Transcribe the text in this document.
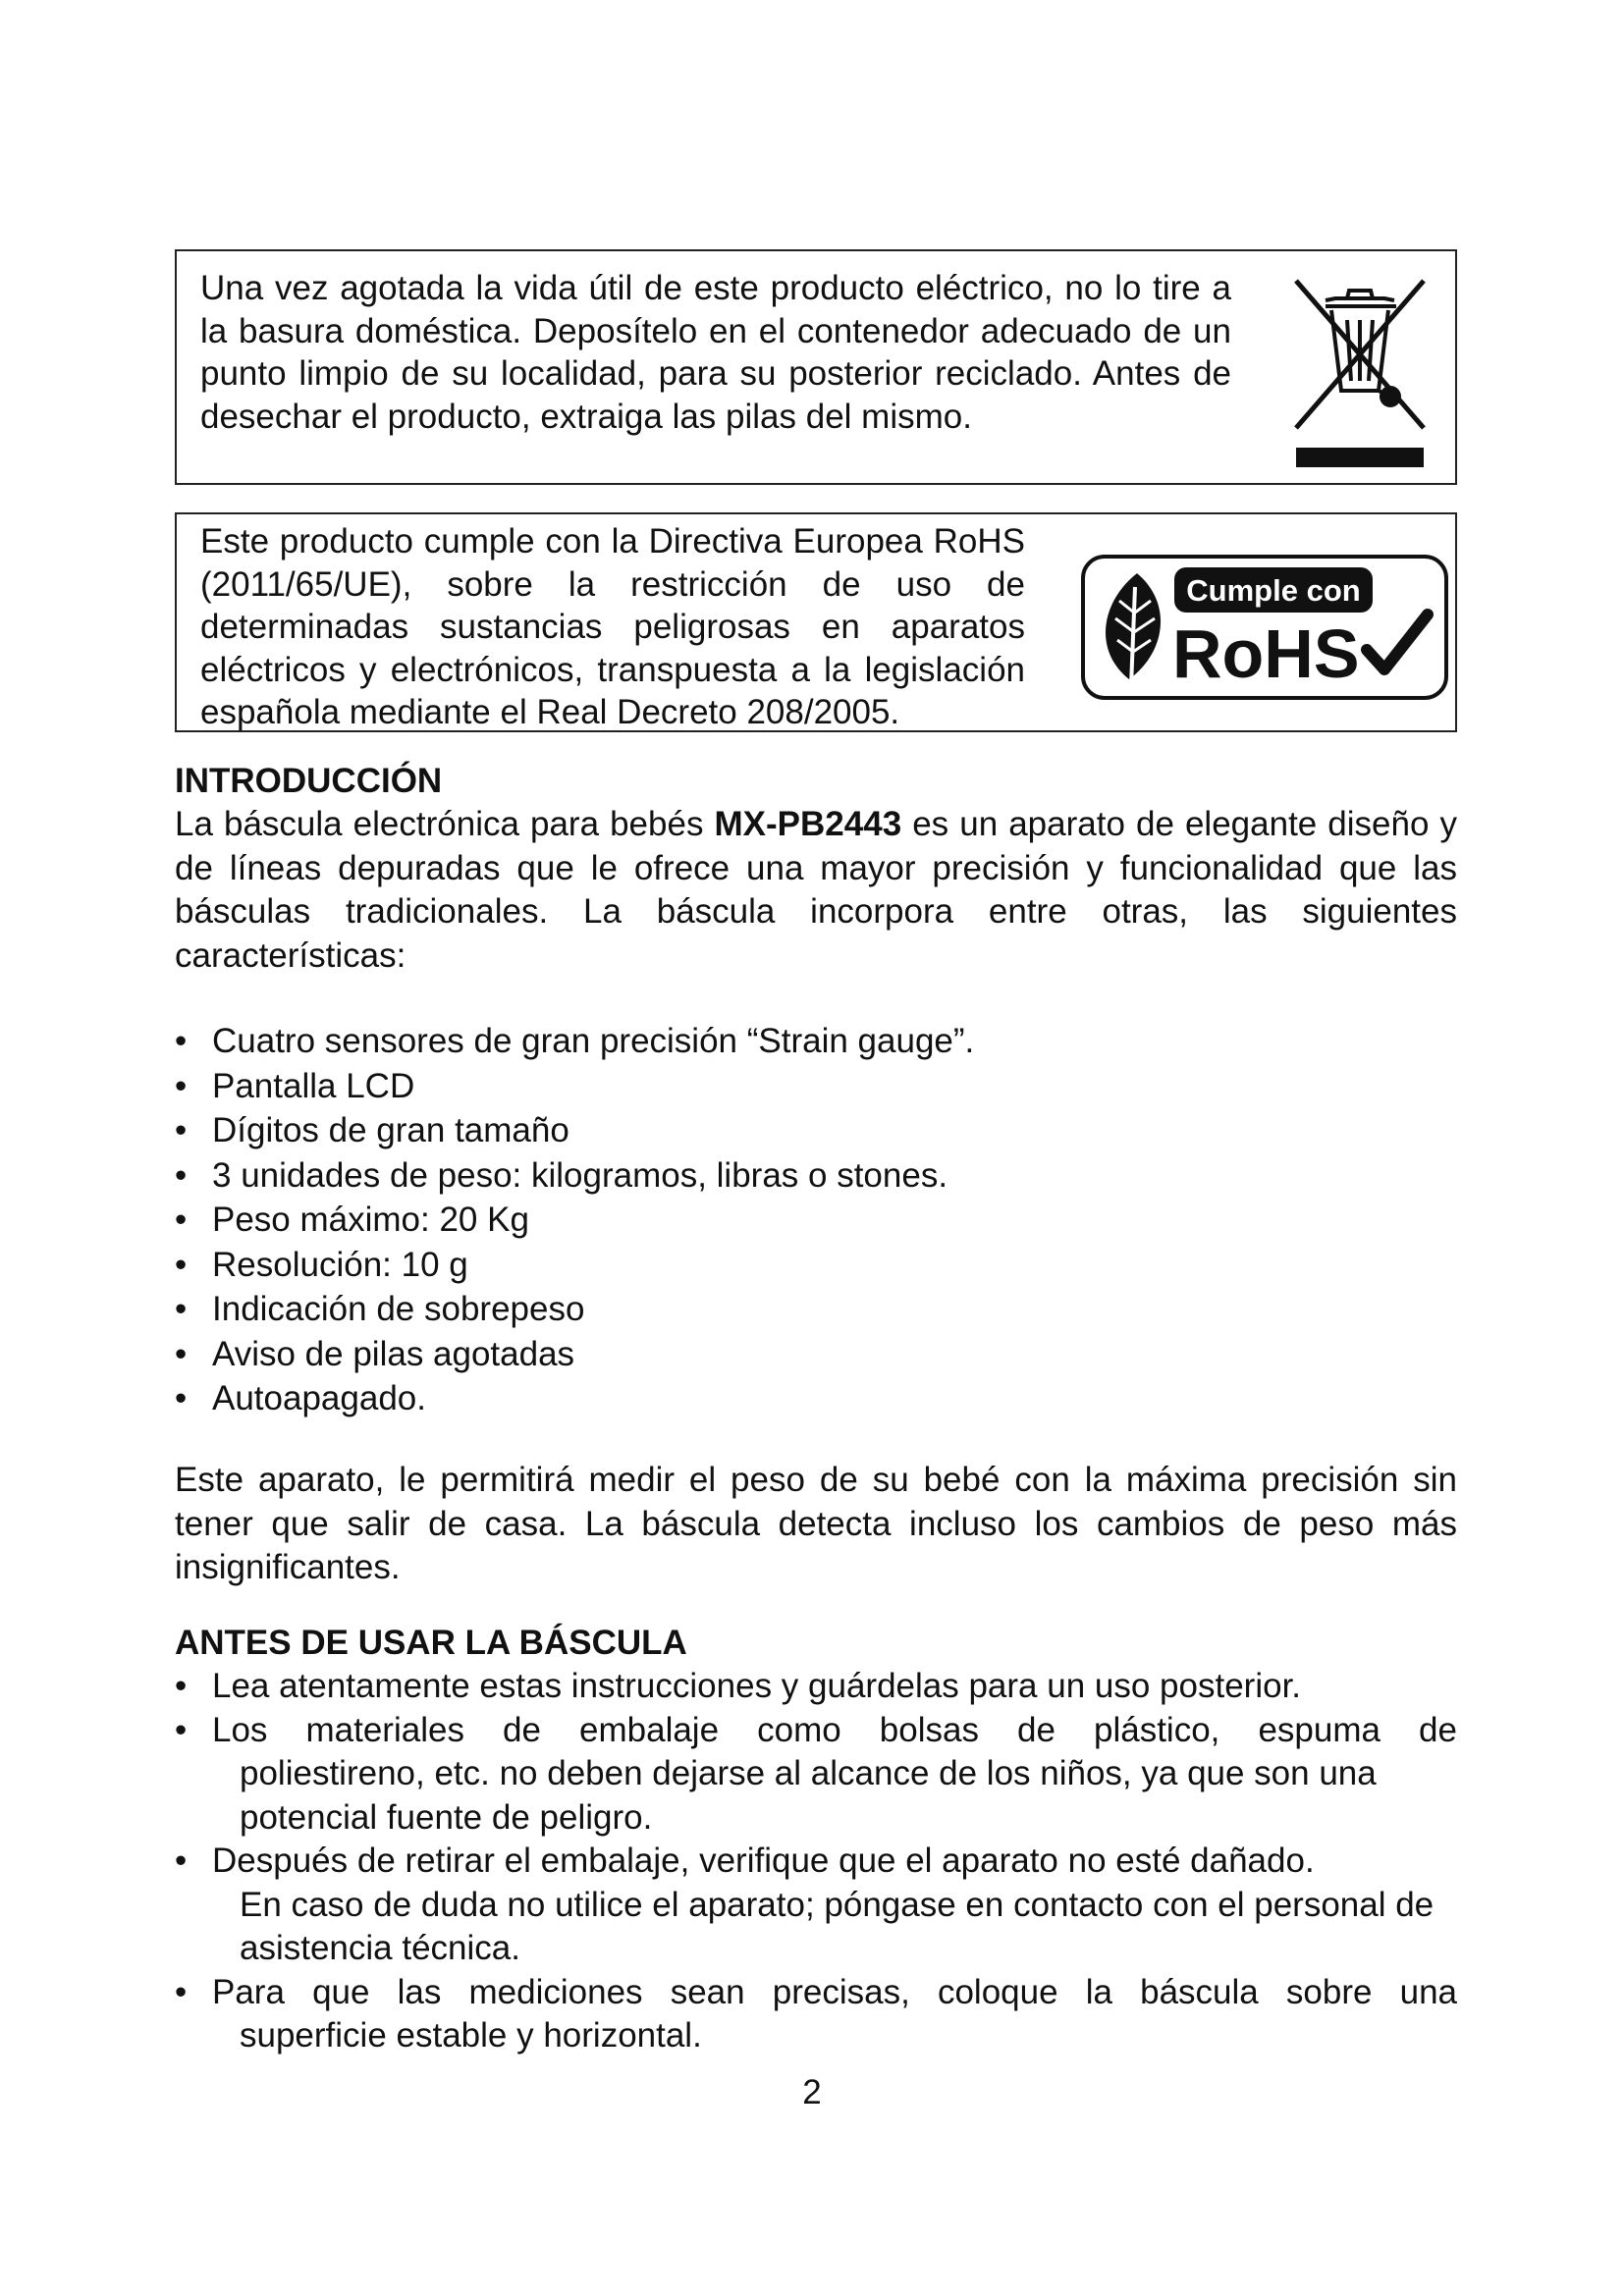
Una vez agotada la vida útil de este producto eléctrico, no lo tire a la basura doméstica. Deposítelo en el contenedor adecuado de un punto limpio de su localidad, para su posterior reciclado. Antes de desechar el producto, extraiga las pilas del mismo.

Este producto cumple con la Directiva Europea RoHS (2011/65/UE), sobre la restricción de uso de determinadas sustancias peligrosas en aparatos eléctricos y electrónicos, transpuesta a la legislación española mediante el Real Decreto 208/2005.

Cumple con
RoHS
INTRODUCCIÓN

La báscula electrónica para bebés MX-PB2443 es un aparato de elegante diseño y de líneas depuradas que le ofrece una mayor precisión y funcionalidad que las básculas tradicionales. La báscula incorpora entre otras, las siguientes características:

• Cuatro sensores de gran precisión “Strain gauge”.
• Pantalla LCD
• Dígitos de gran tamaño
• 3 unidades de peso: kilogramos, libras o stones.
• Peso máximo: 20 Kg
• Resolución: 10 g
• Indicación de sobrepeso
• Aviso de pilas agotadas
• Autoapagado.

Este aparato, le permitirá medir el peso de su bebé con la máxima precisión sin tener que salir de casa. La báscula detecta incluso los cambios de peso más insignificantes.

ANTES DE USAR LA BÁSCULA
• Lea atentamente estas instrucciones y guárdelas para un uso posterior.
• Los materiales de embalaje como bolsas de plástico, espuma de
poliestireno, etc. no deben dejarse al alcance de los niños, ya que son una potencial fuente de peligro.
• Después de retirar el embalaje, verifique que el aparato no esté dañado.
En caso de duda no utilice el aparato; póngase en contacto con el personal de asistencia técnica.
• Para que las mediciones sean precisas, coloque la báscula sobre una
superficie estable y horizontal.
2
